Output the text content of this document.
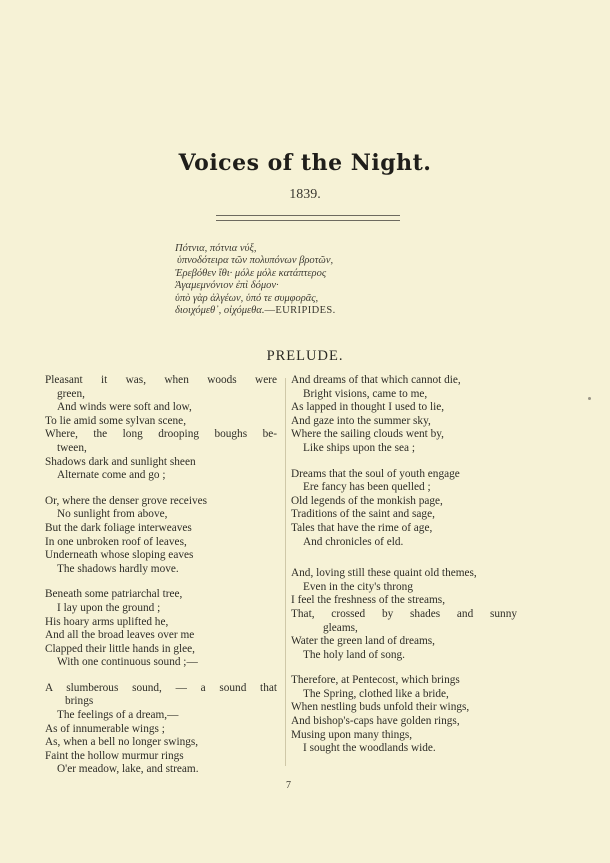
Voices of the Night.
1839.
Πότνια, πότνια νύξ,
ὑπνοδότειρα τῶν πολυπόνων βροτῶν,
Ἐρεβόθεν ἴθι· μόλε μόλε κατάπτερος
Ἀγαμεμνόνιον ἐπὶ δόμον·
ὑπὸ γὰρ ἀλγέων, ὑπό τε συμφορᾶς,
διοιχόμεθ᾽, οἰχόμεθα.—EURIPIDES.
PRELUDE.
Pleasant it was, when woods were
green,
And winds were soft and low,
To lie amid some sylvan scene,
Where, the long drooping boughs be-
tween,
Shadows dark and sunlight sheen
Alternate come and go ;
Or, where the denser grove receives
No sunlight from above,
But the dark foliage interweaves
In one unbroken roof of leaves,
Underneath whose sloping eaves
The shadows hardly move.
Beneath some patriarchal tree,
I lay upon the ground ;
His hoary arms uplifted he,
And all the broad leaves over me
Clapped their little hands in glee,
With one continuous sound ;—
A slumberous sound, — a sound that
brings
The feelings of a dream,—
As of innumerable wings ;
As, when a bell no longer swings,
Faint the hollow murmur rings
O'er meadow, lake, and stream.
And dreams of that which cannot die,
Bright visions, came to me,
As lapped in thought I used to lie,
And gaze into the summer sky,
Where the sailing clouds went by,
Like ships upon the sea ;
Dreams that the soul of youth engage
Ere fancy has been quelled ;
Old legends of the monkish page,
Traditions of the saint and sage,
Tales that have the rime of age,
And chronicles of eld.
And, loving still these quaint old themes,
Even in the city's throng
I feel the freshness of the streams,
That, crossed by shades and sunny
gleams,
Water the green land of dreams,
The holy land of song.
Therefore, at Pentecost, which brings
The Spring, clothed like a bride,
When nestling buds unfold their wings,
And bishop's-caps have golden rings,
Musing upon many things,
I sought the woodlands wide.
7
